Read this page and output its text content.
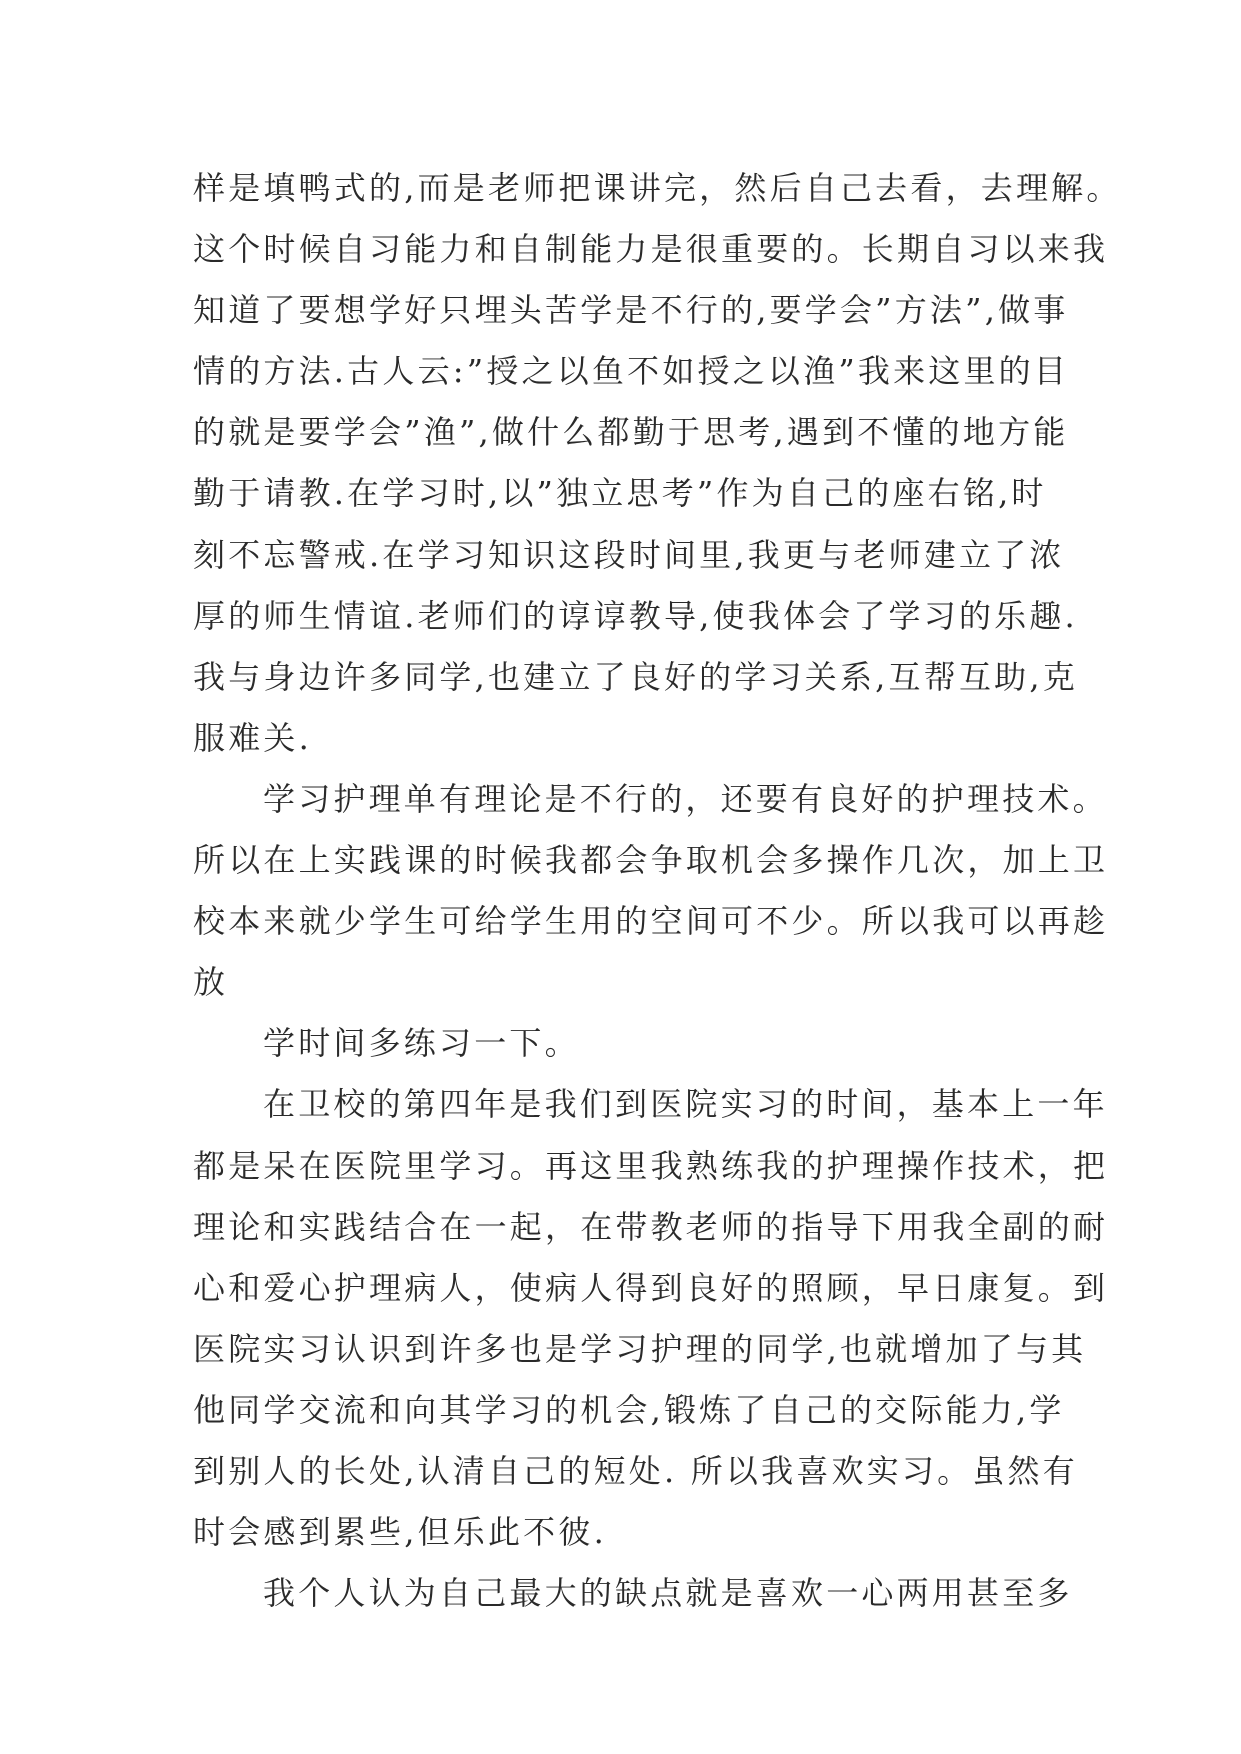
样是填鸭式的,而是老师把课讲完，然后自己去看，去理解。
这个时候自习能力和自制能力是很重要的。长期自习以来我
知道了要想学好只埋头苦学是不行的,要学会”方法”,做事
情的方法.古人云:”授之以鱼不如授之以渔”我来这里的目
的就是要学会”渔”,做什么都勤于思考,遇到不懂的地方能
勤于请教.在学习时,以”独立思考”作为自己的座右铭,时
刻不忘警戒.在学习知识这段时间里,我更与老师建立了浓
厚的师生情谊.老师们的谆谆教导,使我体会了学习的乐趣.
我与身边许多同学,也建立了良好的学习关系,互帮互助,克
服难关.
学习护理单有理论是不行的，还要有良好的护理技术。
所以在上实践课的时候我都会争取机会多操作几次，加上卫
校本来就少学生可给学生用的空间可不少。所以我可以再趁
放
学时间多练习一下。
在卫校的第四年是我们到医院实习的时间，基本上一年
都是呆在医院里学习。再这里我熟练我的护理操作技术，把
理论和实践结合在一起，在带教老师的指导下用我全副的耐
心和爱心护理病人，使病人得到良好的照顾，早日康复。到
医院实习认识到许多也是学习护理的同学,也就增加了与其
他同学交流和向其学习的机会,锻炼了自己的交际能力,学
到别人的长处,认清自己的短处. 所以我喜欢实习。虽然有
时会感到累些,但乐此不彼.
我个人认为自己最大的缺点就是喜欢一心两用甚至多
